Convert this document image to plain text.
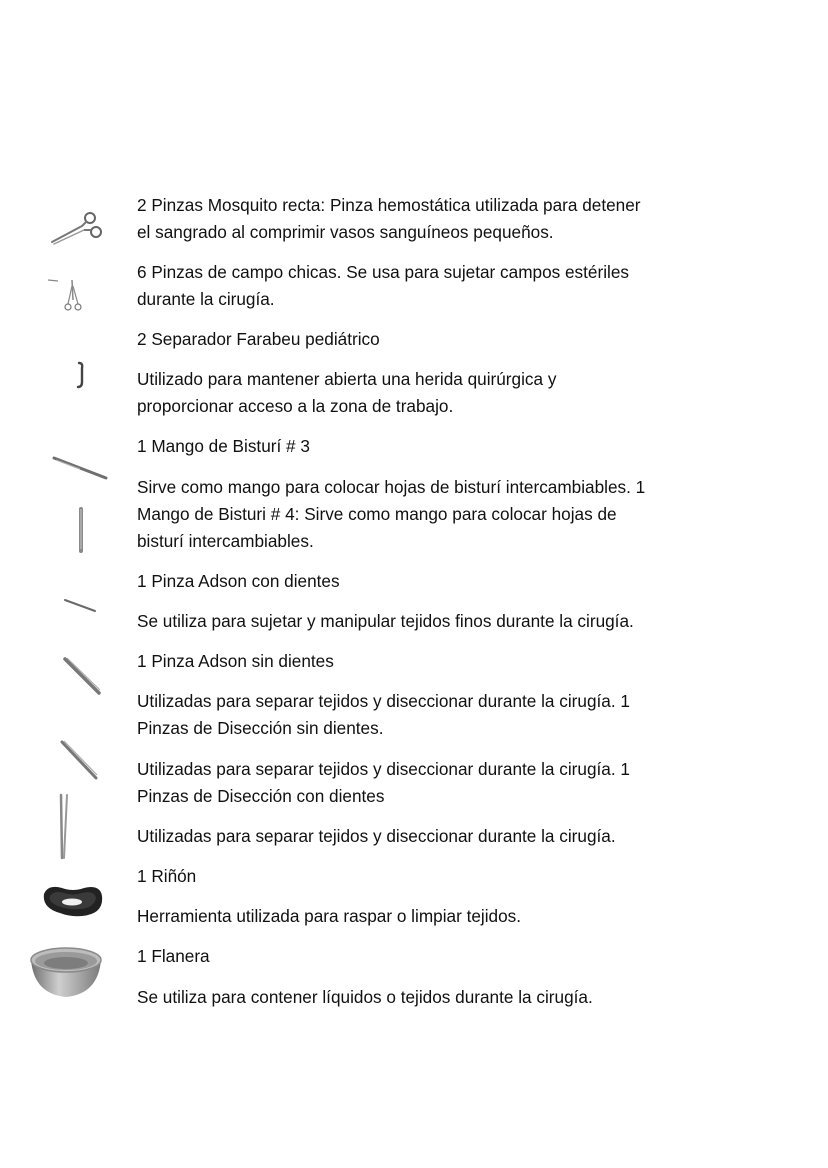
2 Pinzas Mosquito recta: Pinza hemostática utilizada para detener

el sangrado al comprimir vasos sanguíneos pequeños.

6 Pinzas de campo chicas. Se usa para sujetar campos estériles

durante la cirugía.

2 Separador Farabeu pediátrico

Utilizado para mantener abierta una herida quirúrgica y

proporcionar acceso a la zona de trabajo.

1 Mango de Bisturí # 3

Sirve como mango para colocar hojas de bisturí intercambiables. 1

Mango de Bisturi # 4: Sirve como mango para colocar hojas de

bisturí intercambiables.

1 Pinza Adson con dientes

Se utiliza para sujetar y manipular tejidos finos durante la cirugía.

1 Pinza Adson sin dientes

Utilizadas para separar tejidos y diseccionar durante la cirugía. 1

Pinzas de Disección sin dientes.

Utilizadas para separar tejidos y diseccionar durante la cirugía. 1

Pinzas de Disección con dientes

Utilizadas para separar tejidos y diseccionar durante la cirugía.

1 Riñón

Herramienta utilizada para raspar o limpiar tejidos.

1 Flanera

Se utiliza para contener líquidos o tejidos durante la cirugía.
